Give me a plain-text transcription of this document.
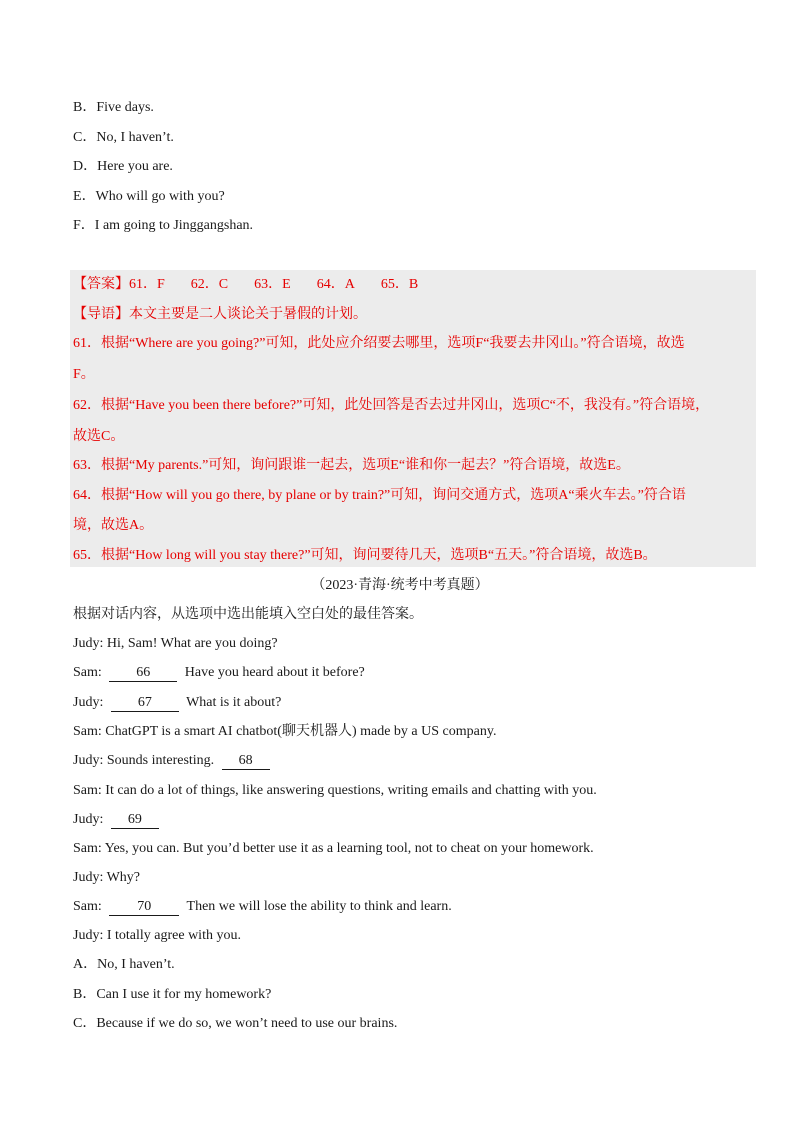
B．Five days.
C．No, I haven’t.
D．Here you are.
E．Who will go with you?
F．I am going to Jinggangshan.
【答案】61．F 62．C 63．E 64．A 65．B
【导语】本文主要是二人谈论关于暑假的计划。
61．根据“Where are you going?”可知，此处应介绍要去哪里，选项F“我要去井冈山。”符合语境，故选
F。
62．根据“Have you been there before?”可知，此处回答是否去过井冈山，选项C“不，我没有。”符合语境，
故选C。
63．根据“My parents.”可知，询问跟谁一起去，选项E“谁和你一起去？”符合语境，故选E。
64．根据“How will you go there, by plane or by train?”可知，询问交通方式，选项A“乘火车去。”符合语
境，故选A。
65．根据“How long will you stay there?”可知，询问要待几天，选项B“五天。”符合语境，故选B。
（2023·青海·统考中考真题）
根据对话内容，从选项中选出能填入空白处的最佳答案。
Judy: Hi, Sam! What are you doing?
Sam: 66 Have you heard about it before?
Judy: 67 What is it about?
Sam: ChatGPT is a smart AI chatbot(聊天机器人) made by a US company.
Judy: Sounds interesting. 68
Sam: It can do a lot of things, like answering questions, writing emails and chatting with you.
Judy: 69
Sam: Yes, you can. But you’d better use it as a learning tool, not to cheat on your homework.
Judy: Why?
Sam:	70	Then we will lose the ability to think and learn.
Judy: I totally agree with you.
A．No, I haven’t.
B．Can I use it for my homework?
C．Because if we do so, we won’t need to use our brains.
